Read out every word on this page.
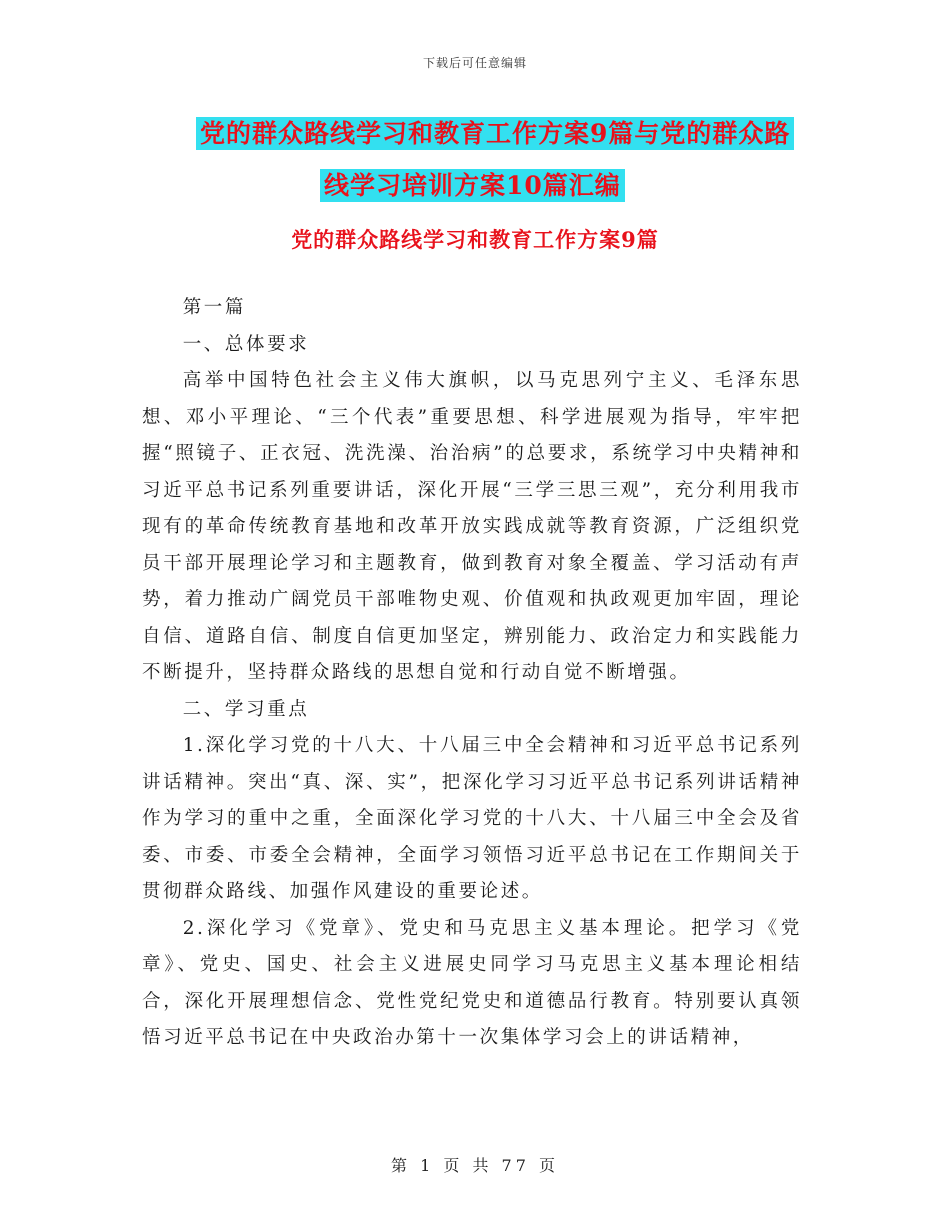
下载后可任意编辑
党的群众路线学习和教育工作方案9篇与党的群众路
线学习培训方案10篇汇编
党的群众路线学习和教育工作方案9篇

第一篇

一、总体要求

高举中国特色社会主义伟大旗帜，以马克思列宁主义、毛泽东思想、邓小平理论、“三个代表”重要思想、科学进展观为指导，牢牢把握“照镜子、正衣冠、洗洗澡、治治病”的总要求，系统学习中央精神和习近平总书记系列重要讲话，深化开展“三学三思三观”，充分利用我市现有的革命传统教育基地和改革开放实践成就等教育资源，广泛组织党员干部开展理论学习和主题教育，做到教育对象全覆盖、学习活动有声势，着力推动广阔党员干部唯物史观、价值观和执政观更加牢固，理论自信、道路自信、制度自信更加坚定，辨别能力、政治定力和实践能力不断提升，坚持群众路线的思想自觉和行动自觉不断增强。

二、学习重点

1.深化学习党的十八大、十八届三中全会精神和习近平总书记系列讲话精神。突出“真、深、实”，把深化学习习近平总书记系列讲话精神作为学习的重中之重，全面深化学习党的十八大、十八届三中全会及省委、市委、市委全会精神，全面学习领悟习近平总书记在工作期间关于贯彻群众路线、加强作风建设的重要论述。

2.深化学习《党章》、党史和马克思主义基本理论。把学习《党章》、党史、国史、社会主义进展史同学习马克思主义基本理论相结合，深化开展理想信念、党性党纪党史和道德品行教育。特别要认真领悟习近平总书记在中央政治办第十一次集体学习会上的讲话精神，

第 1 页 共 77 页
